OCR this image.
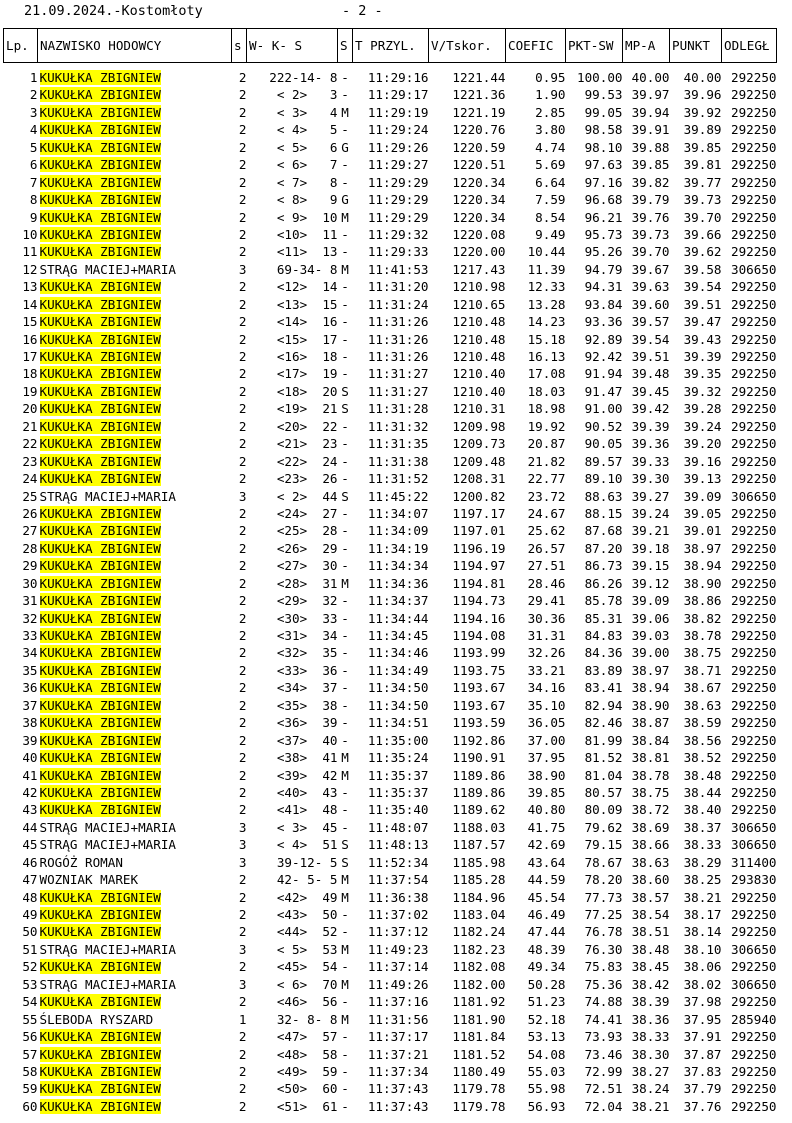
21.09.2024.-Kostomłoty

	- 2 -

Lp.	NAZWISKO HODOWCY	s	W- K- S	S	T PRZYL.	V/Tskor.	COEFIC	PKT-SW	MP-A	PUNKT	ODLEGŁ

1	KUKUŁKA ZBIGNIEW	2	222-14- 8	-	11:29:16	1221.44	0.95	100.00	40.00	40.00	292250
2	KUKUŁKA ZBIGNIEW	2	< 2>   3	-	11:29:17	1221.36	1.90	99.53	39.97	39.96	292250
3	KUKUŁKA ZBIGNIEW	2	< 3>   4	M	11:29:19	1221.19	2.85	99.05	39.94	39.92	292250
4	KUKUŁKA ZBIGNIEW	2	< 4>   5	-	11:29:24	1220.76	3.80	98.58	39.91	39.89	292250
5	KUKUŁKA ZBIGNIEW	2	< 5>   6	G	11:29:26	1220.59	4.74	98.10	39.88	39.85	292250
6	KUKUŁKA ZBIGNIEW	2	< 6>   7	-	11:29:27	1220.51	5.69	97.63	39.85	39.81	292250
7	KUKUŁKA ZBIGNIEW	2	< 7>   8	-	11:29:29	1220.34	6.64	97.16	39.82	39.77	292250
8	KUKUŁKA ZBIGNIEW	2	< 8>   9	G	11:29:29	1220.34	7.59	96.68	39.79	39.73	292250
9	KUKUŁKA ZBIGNIEW	2	< 9>  10	M	11:29:29	1220.34	8.54	96.21	39.76	39.70	292250
10	KUKUŁKA ZBIGNIEW	2	<10>  11	-	11:29:32	1220.08	9.49	95.73	39.73	39.66	292250
11	KUKUŁKA ZBIGNIEW	2	<11>  13	-	11:29:33	1220.00	10.44	95.26	39.70	39.62	292250
12	STRĄG MACIEJ+MARIA	3	69-34- 8	M	11:41:53	1217.43	11.39	94.79	39.67	39.58	306650
13	KUKUŁKA ZBIGNIEW	2	<12>  14	-	11:31:20	1210.98	12.33	94.31	39.63	39.54	292250
14	KUKUŁKA ZBIGNIEW	2	<13>  15	-	11:31:24	1210.65	13.28	93.84	39.60	39.51	292250
15	KUKUŁKA ZBIGNIEW	2	<14>  16	-	11:31:26	1210.48	14.23	93.36	39.57	39.47	292250
16	KUKUŁKA ZBIGNIEW	2	<15>  17	-	11:31:26	1210.48	15.18	92.89	39.54	39.43	292250
17	KUKUŁKA ZBIGNIEW	2	<16>  18	-	11:31:26	1210.48	16.13	92.42	39.51	39.39	292250
18	KUKUŁKA ZBIGNIEW	2	<17>  19	-	11:31:27	1210.40	17.08	91.94	39.48	39.35	292250
19	KUKUŁKA ZBIGNIEW	2	<18>  20	S	11:31:27	1210.40	18.03	91.47	39.45	39.32	292250
20	KUKUŁKA ZBIGNIEW	2	<19>  21	S	11:31:28	1210.31	18.98	91.00	39.42	39.28	292250
21	KUKUŁKA ZBIGNIEW	2	<20>  22	-	11:31:32	1209.98	19.92	90.52	39.39	39.24	292250
22	KUKUŁKA ZBIGNIEW	2	<21>  23	-	11:31:35	1209.73	20.87	90.05	39.36	39.20	292250
23	KUKUŁKA ZBIGNIEW	2	<22>  24	-	11:31:38	1209.48	21.82	89.57	39.33	39.16	292250
24	KUKUŁKA ZBIGNIEW	2	<23>  26	-	11:31:52	1208.31	22.77	89.10	39.30	39.13	292250
25	STRĄG MACIEJ+MARIA	3	< 2>  44	S	11:45:22	1200.82	23.72	88.63	39.27	39.09	306650
26	KUKUŁKA ZBIGNIEW	2	<24>  27	-	11:34:07	1197.17	24.67	88.15	39.24	39.05	292250
27	KUKUŁKA ZBIGNIEW	2	<25>  28	-	11:34:09	1197.01	25.62	87.68	39.21	39.01	292250
28	KUKUŁKA ZBIGNIEW	2	<26>  29	-	11:34:19	1196.19	26.57	87.20	39.18	38.97	292250
29	KUKUŁKA ZBIGNIEW	2	<27>  30	-	11:34:34	1194.97	27.51	86.73	39.15	38.94	292250
30	KUKUŁKA ZBIGNIEW	2	<28>  31	M	11:34:36	1194.81	28.46	86.26	39.12	38.90	292250
31	KUKUŁKA ZBIGNIEW	2	<29>  32	-	11:34:37	1194.73	29.41	85.78	39.09	38.86	292250
32	KUKUŁKA ZBIGNIEW	2	<30>  33	-	11:34:44	1194.16	30.36	85.31	39.06	38.82	292250
33	KUKUŁKA ZBIGNIEW	2	<31>  34	-	11:34:45	1194.08	31.31	84.83	39.03	38.78	292250
34	KUKUŁKA ZBIGNIEW	2	<32>  35	-	11:34:46	1193.99	32.26	84.36	39.00	38.75	292250
35	KUKUŁKA ZBIGNIEW	2	<33>  36	-	11:34:49	1193.75	33.21	83.89	38.97	38.71	292250
36	KUKUŁKA ZBIGNIEW	2	<34>  37	-	11:34:50	1193.67	34.16	83.41	38.94	38.67	292250
37	KUKUŁKA ZBIGNIEW	2	<35>  38	-	11:34:50	1193.67	35.10	82.94	38.90	38.63	292250
38	KUKUŁKA ZBIGNIEW	2	<36>  39	-	11:34:51	1193.59	36.05	82.46	38.87	38.59	292250
39	KUKUŁKA ZBIGNIEW	2	<37>  40	-	11:35:00	1192.86	37.00	81.99	38.84	38.56	292250
40	KUKUŁKA ZBIGNIEW	2	<38>  41	M	11:35:24	1190.91	37.95	81.52	38.81	38.52	292250
41	KUKUŁKA ZBIGNIEW	2	<39>  42	M	11:35:37	1189.86	38.90	81.04	38.78	38.48	292250
42	KUKUŁKA ZBIGNIEW	2	<40>  43	-	11:35:37	1189.86	39.85	80.57	38.75	38.44	292250
43	KUKUŁKA ZBIGNIEW	2	<41>  48	-	11:35:40	1189.62	40.80	80.09	38.72	38.40	292250
44	STRĄG MACIEJ+MARIA	3	< 3>  45	-	11:48:07	1188.03	41.75	79.62	38.69	38.37	306650
45	STRĄG MACIEJ+MARIA	3	< 4>  51	S	11:48:13	1187.57	42.69	79.15	38.66	38.33	306650
46	ROGÓŻ ROMAN	3	39-12- 5	S	11:52:34	1185.98	43.64	78.67	38.63	38.29	311400
47	WOZNIAK MAREK	2	42- 5- 5	M	11:37:54	1185.28	44.59	78.20	38.60	38.25	293830
48	KUKUŁKA ZBIGNIEW	2	<42>  49	M	11:36:38	1184.96	45.54	77.73	38.57	38.21	292250
49	KUKUŁKA ZBIGNIEW	2	<43>  50	-	11:37:02	1183.04	46.49	77.25	38.54	38.17	292250
50	KUKUŁKA ZBIGNIEW	2	<44>  52	-	11:37:12	1182.24	47.44	76.78	38.51	38.14	292250
51	STRĄG MACIEJ+MARIA	3	< 5>  53	M	11:49:23	1182.23	48.39	76.30	38.48	38.10	306650
52	KUKUŁKA ZBIGNIEW	2	<45>  54	-	11:37:14	1182.08	49.34	75.83	38.45	38.06	292250
53	STRĄG MACIEJ+MARIA	3	< 6>  70	M	11:49:26	1182.00	50.28	75.36	38.42	38.02	306650
54	KUKUŁKA ZBIGNIEW	2	<46>  56	-	11:37:16	1181.92	51.23	74.88	38.39	37.98	292250
55	ŚLEBODA RYSZARD	1	32- 8- 8	M	11:31:56	1181.90	52.18	74.41	38.36	37.95	285940
56	KUKUŁKA ZBIGNIEW	2	<47>  57	-	11:37:17	1181.84	53.13	73.93	38.33	37.91	292250
57	KUKUŁKA ZBIGNIEW	2	<48>  58	-	11:37:21	1181.52	54.08	73.46	38.30	37.87	292250
58	KUKUŁKA ZBIGNIEW	2	<49>  59	-	11:37:34	1180.49	55.03	72.99	38.27	37.83	292250
59	KUKUŁKA ZBIGNIEW	2	<50>  60	-	11:37:43	1179.78	55.98	72.51	38.24	37.79	292250
60	KUKUŁKA ZBIGNIEW	2	<51>  61	-	11:37:43	1179.78	56.93	72.04	38.21	37.76	292250
